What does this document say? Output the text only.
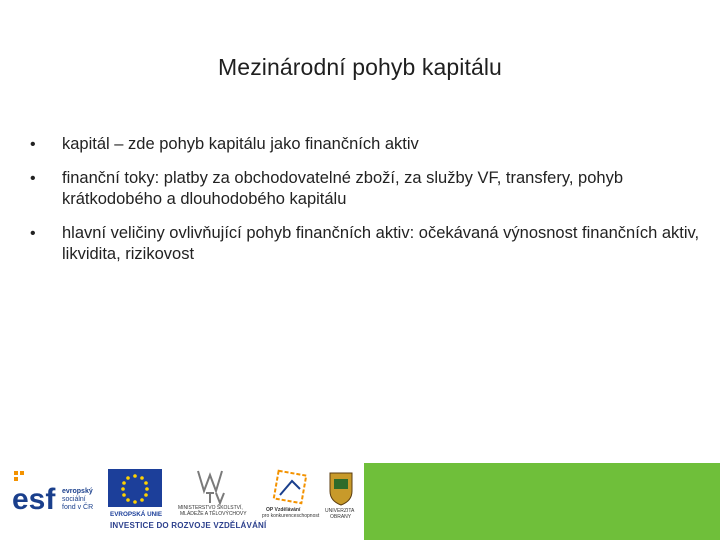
Mezinárodní pohyb kapitálu
• kapitál – zde pohyb kapitálu jako finančních aktiv
• finanční toky: platby za obchodovatelné zboží, za služby VF, transfery, pohyb krátkodobého a dlouhodobého kapitálu
• hlavní veličiny ovlivňující pohyb finančních aktiv: očekávaná výnosnost finančních aktiv, likvidita, rizikovost
esf evropský
sociální
fond v ČR
EVROPSKÁ UNIE
MINISTERSTVO ŠKOLSTVÍ,
MLÁDEŽE A TĚLOVÝCHOVY
OP Vzdělávání
pro konkurenceschopnost
UNIVERZITA
OBRANY
INVESTICE DO ROZVOJE VZDĚLÁVÁNÍ
